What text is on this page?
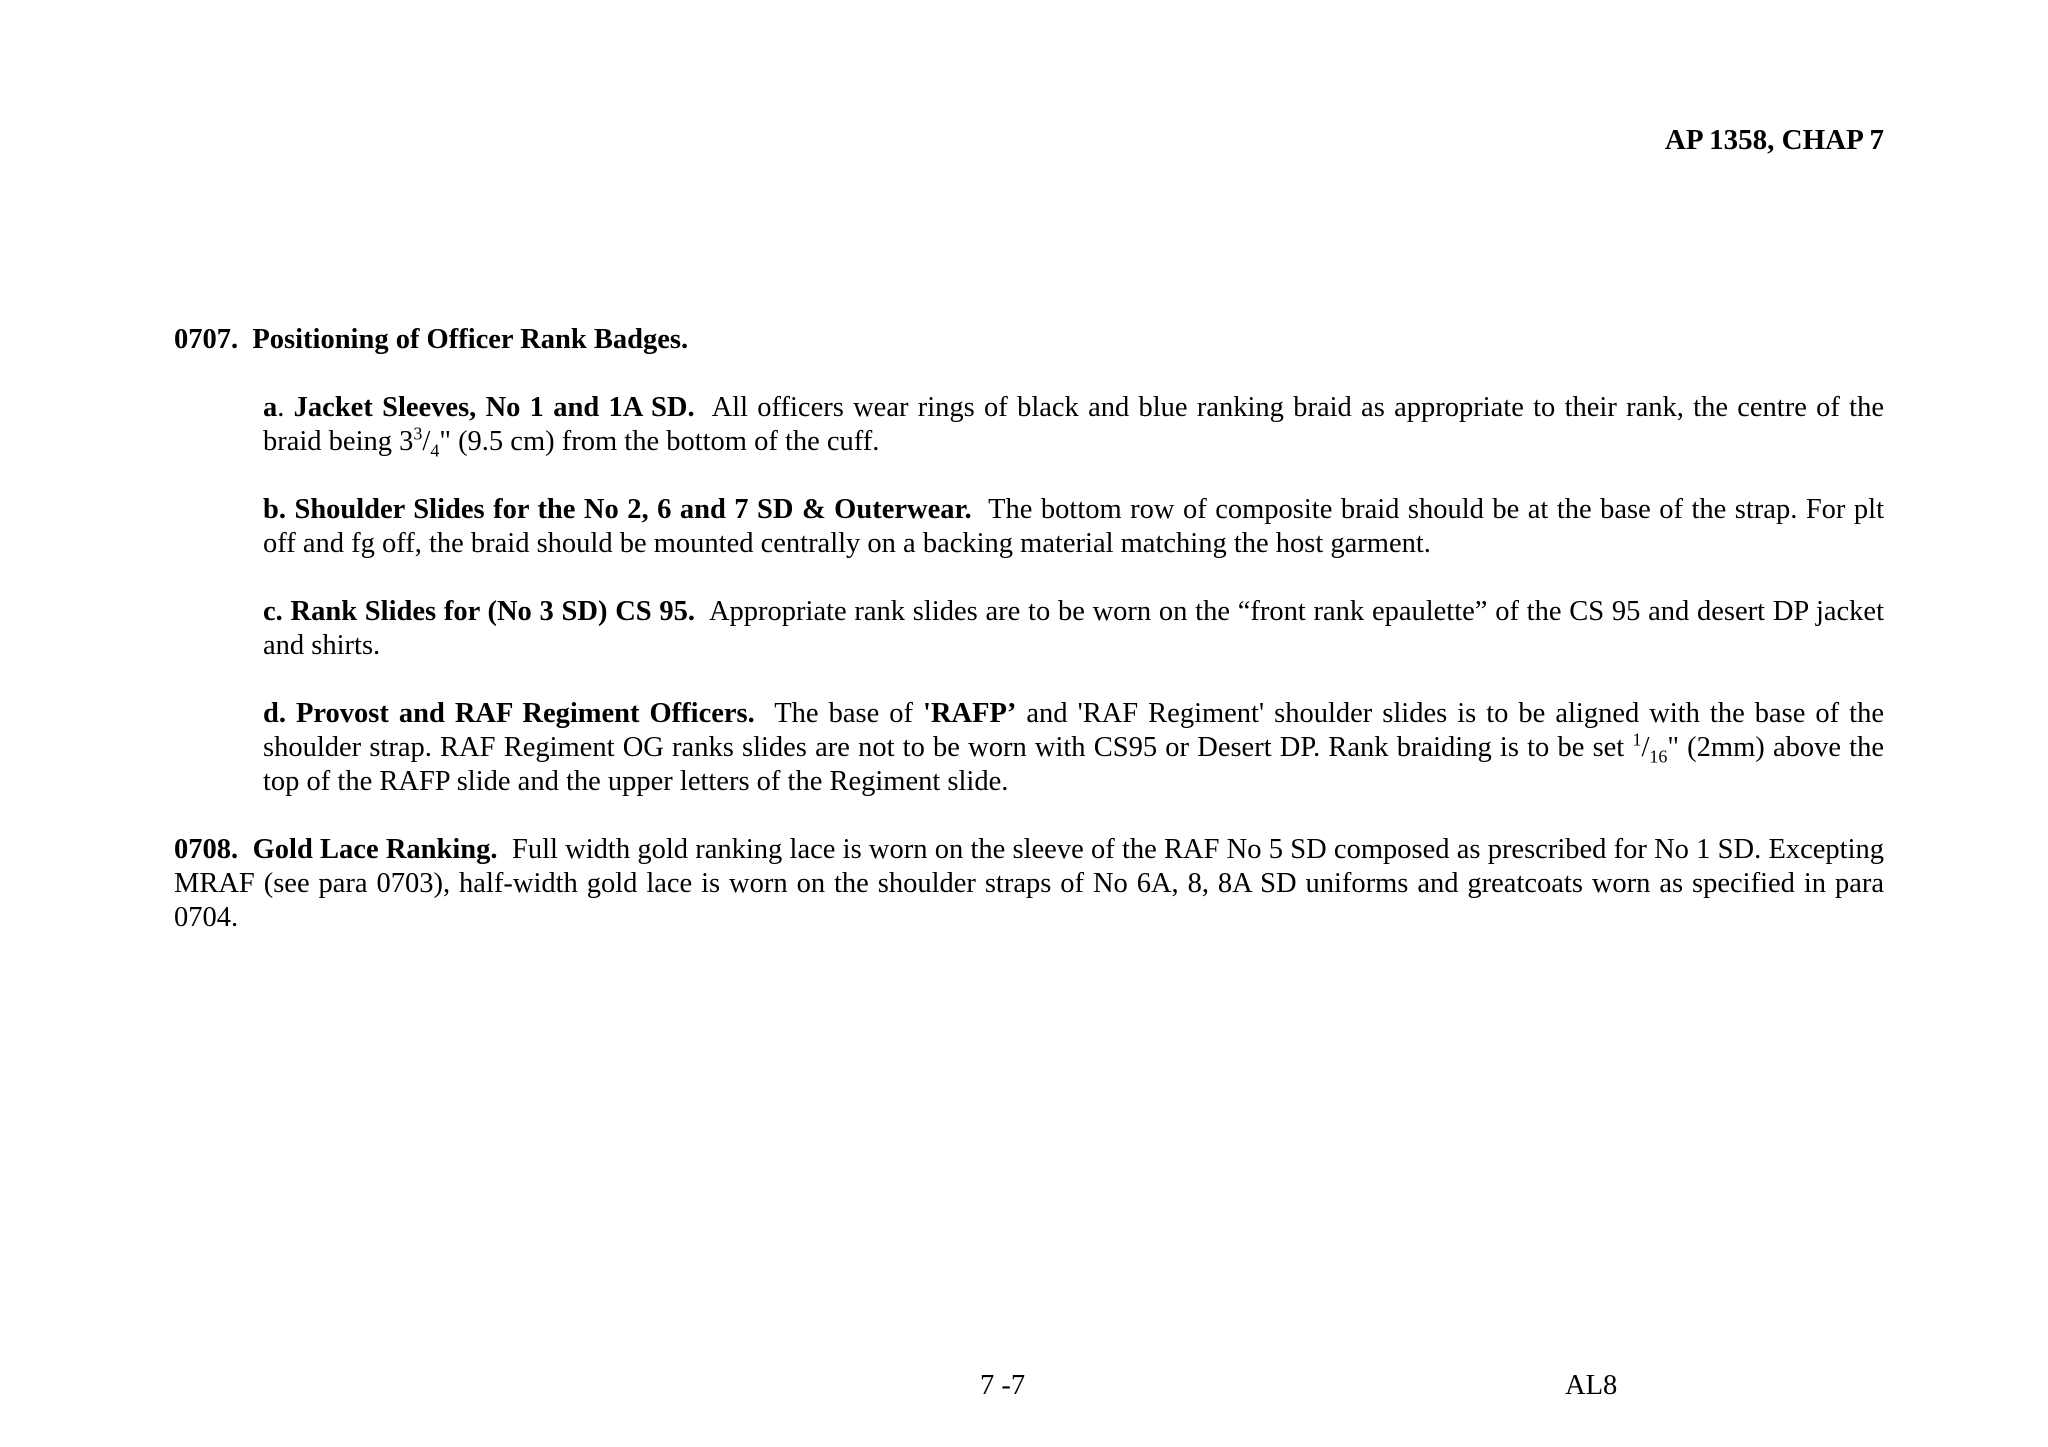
AP 1358, CHAP 7

0707. Positioning of Officer Rank Badges.

a. Jacket Sleeves, No 1 and 1A SD. All officers wear rings of black and blue ranking braid as appropriate to their rank, the centre of the braid being $3^3/_4$" (9.5 cm) from the bottom of the cuff.

b. Shoulder Slides for the No 2, 6 and 7 SD & Outerwear. The bottom row of composite braid should be at the base of the strap. For plt off and fg off, the braid should be mounted centrally on a backing material matching the host garment.

c. Rank Slides for (No 3 SD) CS 95. Appropriate rank slides are to be worn on the “front rank epaulette” of the CS 95 and desert DP jacket and shirts.

d. Provost and RAF Regiment Officers. The base of 'RAFP’ and 'RAF Regiment' shoulder slides is to be aligned with the base of the shoulder strap. RAF Regiment OG ranks slides are not to be worn with CS95 or Desert DP. Rank braiding is to be set $^1/_{16}$" (2mm) above the top of the RAFP slide and the upper letters of the Regiment slide.

0708. Gold Lace Ranking. Full width gold ranking lace is worn on the sleeve of the RAF No 5 SD composed as prescribed for No 1 SD. Excepting MRAF (see para 0703), half-width gold lace is worn on the shoulder straps of No 6A, 8, 8A SD uniforms and greatcoats worn as specified in para 0704.

7 -7	AL8
